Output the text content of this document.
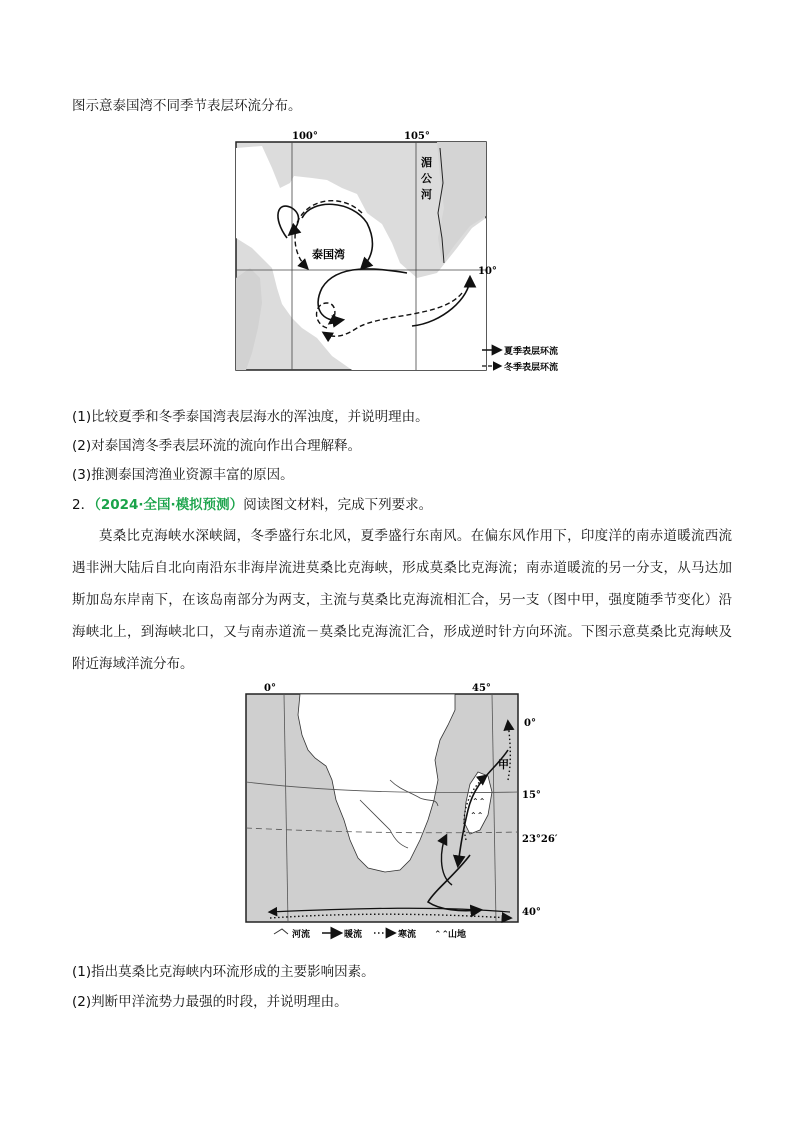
图示意泰国湾不同季节表层环流分布。
100°	105°
湄
公
河
10°
泰国湾
夏季表层环流
冬季表层环流
(1)比较夏季和冬季泰国湾表层海水的浑浊度，并说明理由。
(2)对泰国湾冬季表层环流的流向作出合理解释。
(3)推测泰国湾渔业资源丰富的原因。
2．（2024·全国·模拟预测）阅读图文材料，完成下列要求。
莫桑比克海峡水深峡阔，冬季盛行东北风，夏季盛行东南风。在偏东风作用下，印度洋的南赤道暖流西流遇非洲大陆后自北向南沿东非海岸流进莫桑比克海峡，形成莫桑比克海流；南赤道暖流的另一分支，从马达加斯加岛东岸南下，在该岛南部分为两支，主流与莫桑比克海流相汇合，另一支（图中甲，强度随季节变化）沿海峡北上，到海峡北口，又与南赤道流－莫桑比克海流汇合，形成逆时针方向环流。下图示意莫桑比克海峡及附近海域洋流分布。
0°	45°
⌃⌃
⌃⌃
0°
15°
23°26′
40°
甲
河流	暖流	寒流 ⌃⌃
山地
(1)指出莫桑比克海峡内环流形成的主要影响因素。
(2)判断甲洋流势力最强的时段，并说明理由。
